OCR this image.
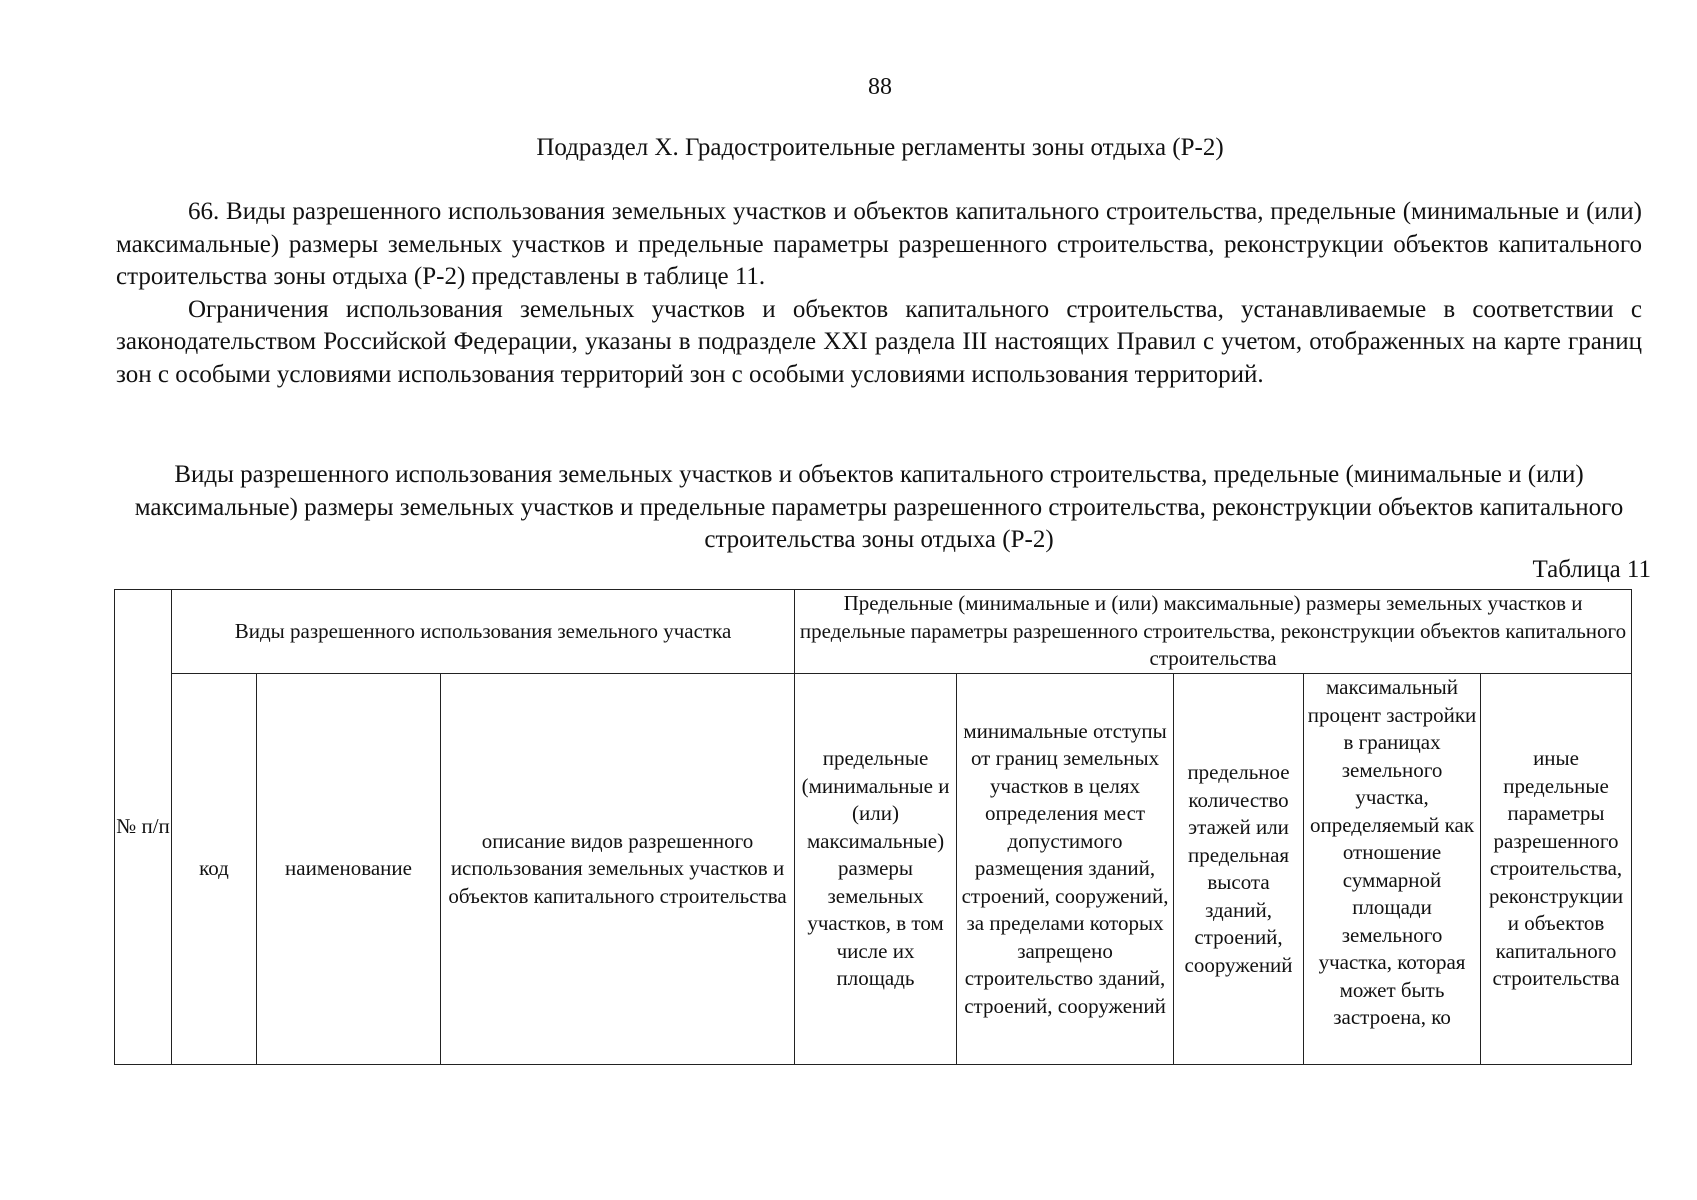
88
Подраздел X. Градостроительные регламенты зоны отдыха (Р-2)

66. Виды разрешенного использования земельных участков и объектов капитального строительства, предельные (минимальные и (или) максимальные) размеры земельных участков и предельные параметры разрешенного строительства, реконструкции объектов капитального строительства зоны отдыха (Р-2) представлены в таблице 11.

Ограничения использования земельных участков и объектов капитального строительства, устанавливаемые в соответствии с законодательством Российской Федерации, указаны в подразделе XXI раздела III настоящих Правил с учетом, отображенных на карте границ зон с особыми условиями использования территорий зон с особыми условиями использования территорий.

Виды разрешенного использования земельных участков и объектов капитального строительства, предельные (минимальные и (или) максимальные) размеры земельных участков и предельные параметры разрешенного строительства, реконструкции объектов капитального строительства зоны отдыха (Р-2)
Таблица 11
№ п/п	Виды разрешенного использования земельного участка			Предельные (минимальные и (или) максимальные) размеры земельных участков и предельные параметры разрешенного строительства, реконструкции объектов капитального строительства				
	код	наименование	описание видов разрешенного использования земельных участков и объектов капитального строительства	предельные (минимальные и (или) максимальные) размеры земельных участков, в том числе их площадь	минимальные отступы от границ земельных участков в целях определения мест допустимого размещения зданий, строений, сооружений, за пределами которых запрещено строительство зданий, строений, сооружений	предельное количество этажей или предельная высота зданий, строений, сооружений	максимальный процент застройки в границах земельного участка, определяемый как отношение суммарной площади земельного участка, которая может быть застроена, ко	иные предельные параметры разрешенного строительства, реконструкции и объектов капитального строительства
